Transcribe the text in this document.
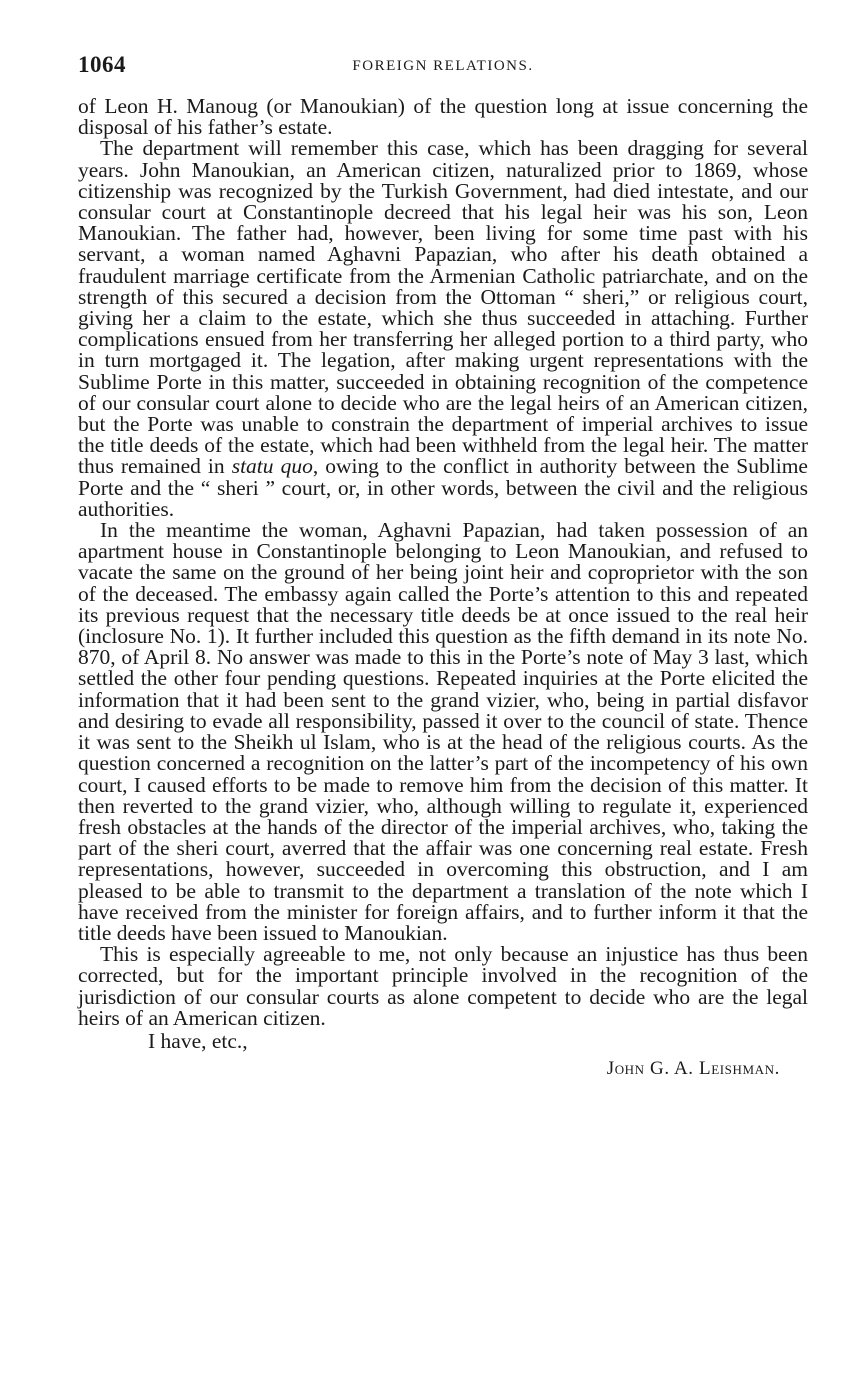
1064	FOREIGN RELATIONS.

of Leon H. Manoug (or Manoukian) of the question long at issue concerning the disposal of his father’s estate.

The department will remember this case, which has been dragging for several years. John Manoukian, an American citizen, naturalized prior to 1869, whose citizenship was recognized by the Turkish Government, had died intestate, and our consular court at Constantinople decreed that his legal heir was his son, Leon Manoukian. The father had, however, been living for some time past with his servant, a woman named Aghavni Papazian, who after his death obtained a fraudulent marriage certificate from the Armenian Catholic patriarchate, and on the strength of this secured a decision from the Ottoman “ sheri,” or religious court, giving her a claim to the estate, which she thus succeeded in attaching. Further complications ensued from her transferring her alleged portion to a third party, who in turn mortgaged it. The legation, after making urgent representations with the Sublime Porte in this matter, succeeded in obtaining recognition of the competence of our consular court alone to decide who are the legal heirs of an American citizen, but the Porte was unable to constrain the department of imperial archives to issue the title deeds of the estate, which had been withheld from the legal heir. The matter thus remained in statu quo, owing to the conflict in authority between the Sublime Porte and the “ sheri ” court, or, in other words, between the civil and the religious authorities.

In the meantime the woman, Aghavni Papazian, had taken possession of an apartment house in Constantinople belonging to Leon Manoukian, and refused to vacate the same on the ground of her being joint heir and coproprietor with the son of the deceased. The embassy again called the Porte’s attention to this and repeated its previous request that the necessary title deeds be at once issued to the real heir (inclosure No. 1). It further included this question as the fifth demand in its note No. 870, of April 8. No answer was made to this in the Porte’s note of May 3 last, which settled the other four pending questions. Repeated inquiries at the Porte elicited the information that it had been sent to the grand vizier, who, being in partial disfavor and desiring to evade all responsibility, passed it over to the council of state. Thence it was sent to the Sheikh ul Islam, who is at the head of the religious courts. As the question concerned a recognition on the latter’s part of the incompetency of his own court, I caused efforts to be made to remove him from the decision of this matter. It then reverted to the grand vizier, who, although willing to regulate it, experienced fresh obstacles at the hands of the director of the imperial archives, who, taking the part of the sheri court, averred that the affair was one concerning real estate. Fresh representations, however, succeeded in overcoming this obstruction, and I am pleased to be able to transmit to the department a translation of the note which I have received from the minister for foreign affairs, and to further inform it that the title deeds have been issued to Manoukian.

This is especially agreeable to me, not only because an injustice has thus been corrected, but for the important principle involved in the recognition of the jurisdiction of our consular courts as alone competent to decide who are the legal heirs of an American citizen.

I have, etc.,

John G. A. Leishman.
